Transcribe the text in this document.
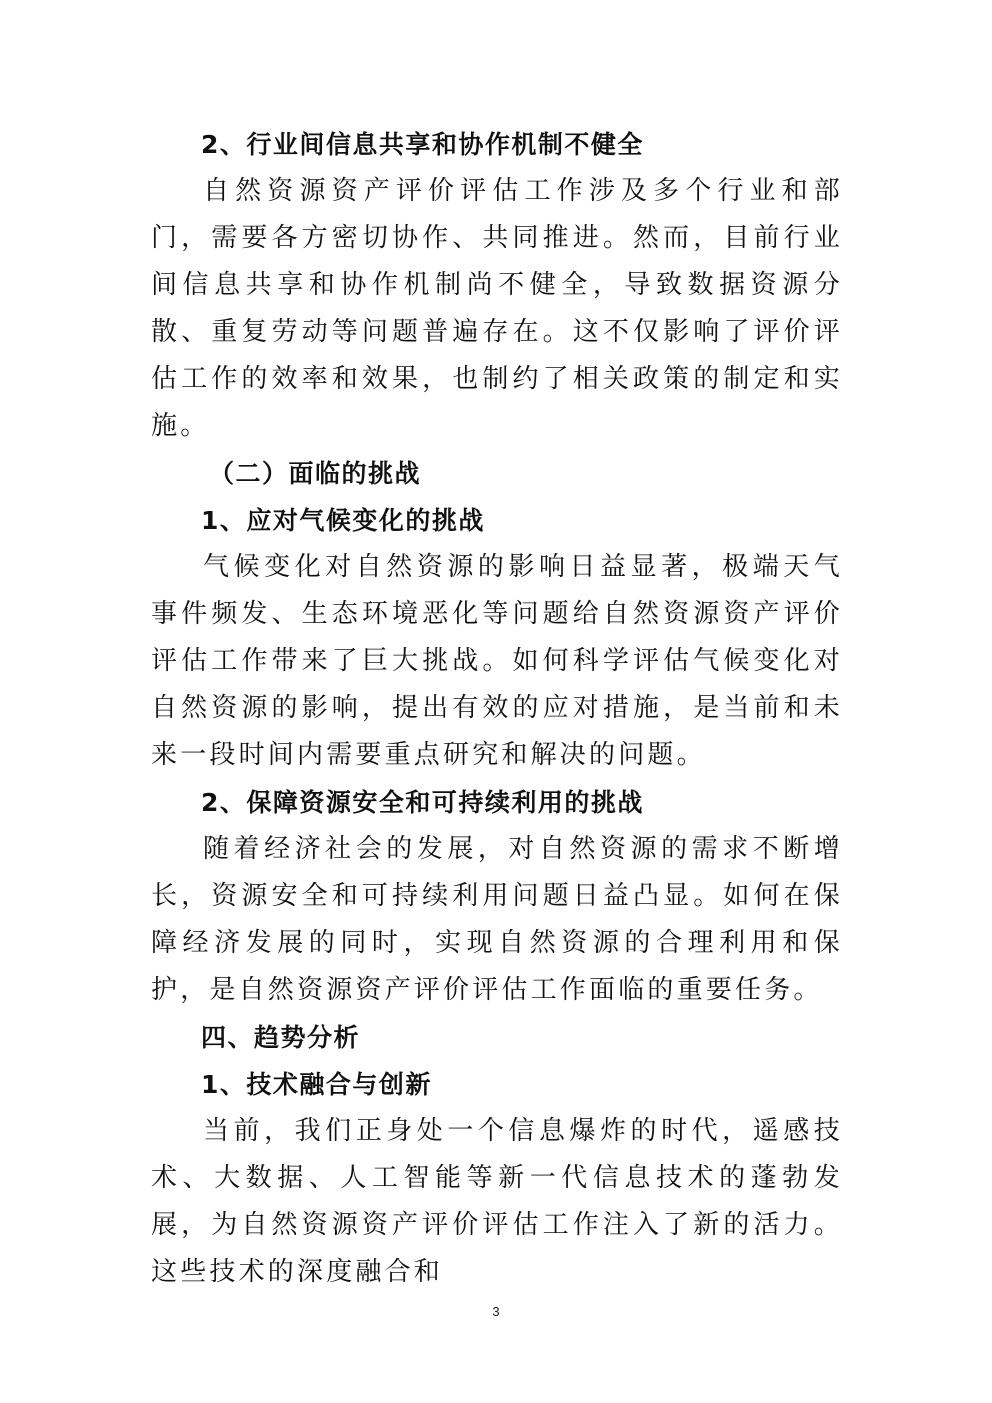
2、行业间信息共享和协作机制不健全

自然资源资产评价评估工作涉及多个行业和部门，需要各方密切协作、共同推进。然而，目前行业间信息共享和协作机制尚不健全，导致数据资源分散、重复劳动等问题普遍存在。这不仅影响了评价评估工作的效率和效果，也制约了相关政策的制定和实施。

（二）面临的挑战
1、应对气候变化的挑战

气候变化对自然资源的影响日益显著，极端天气事件频发、生态环境恶化等问题给自然资源资产评价评估工作带来了巨大挑战。如何科学评估气候变化对自然资源的影响，提出有效的应对措施，是当前和未来一段时间内需要重点研究和解决的问题。

2、保障资源安全和可持续利用的挑战

随着经济社会的发展，对自然资源的需求不断增长，资源安全和可持续利用问题日益凸显。如何在保障经济发展的同时，实现自然资源的合理利用和保护，是自然资源资产评价评估工作面临的重要任务。

四、趋势分析
1、技术融合与创新

当前，我们正身处一个信息爆炸的时代，遥感技术、大数据、人工智能等新一代信息技术的蓬勃发展，为自然资源资产评价评估工作注入了新的活力。这些技术的深度融合和

3
